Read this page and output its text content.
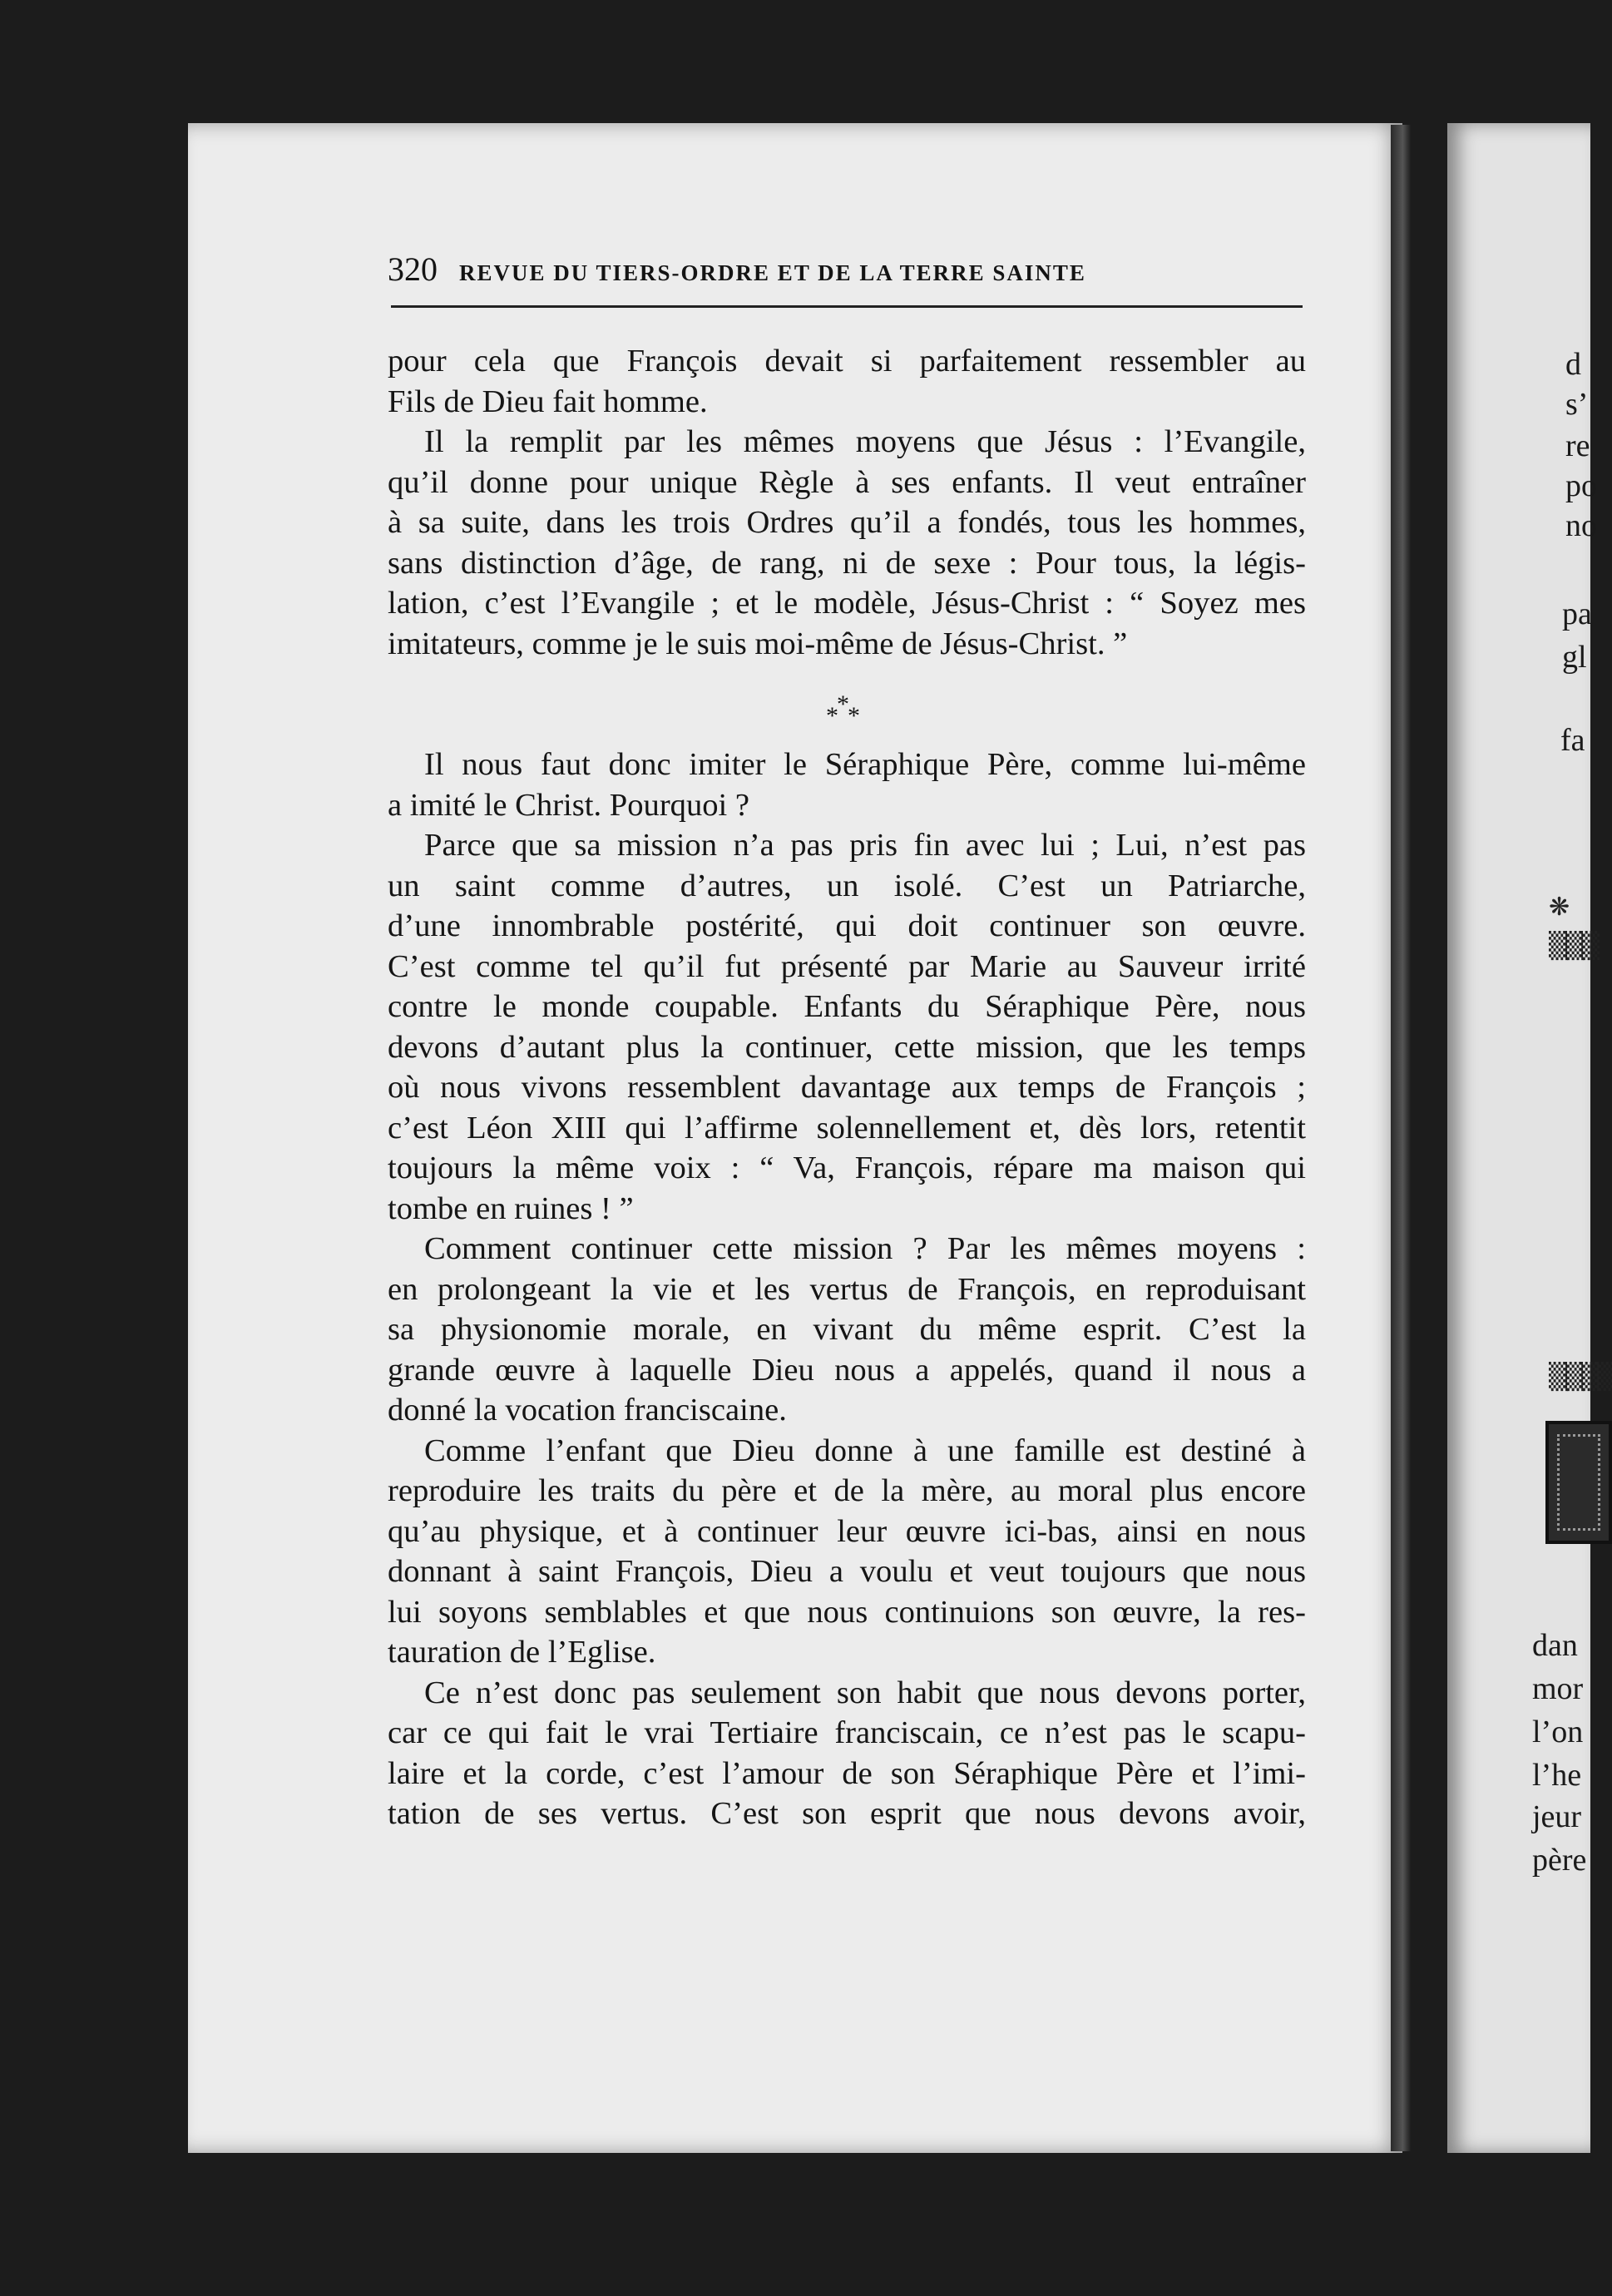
d
s’
re
po
no
pa
gl
fa
dan
mor
l’on
l’he
jeur
père
❋
▒▒▒
▒▒▒▒
320 REVUE DU TIERS-ORDRE ET DE LA TERRE SAINTE
pour cela que François devait si parfaitement ressembler au
Fils de Dieu fait homme.
Il la remplit par les mêmes moyens que Jésus : l’Evangile,
qu’il donne pour unique Règle à ses enfants. Il veut entraîner
à sa suite, dans les trois Ordres qu’il a fondés, tous les hommes,
sans distinction d’âge, de rang, ni de sexe : Pour tous, la légis-
lation, c’est l’Evangile ; et le modèle, Jésus-Christ : “ Soyez mes
imitateurs, comme je le suis moi-même de Jésus-Christ. ”
*
* *
Il nous faut donc imiter le Séraphique Père, comme lui-même
a imité le Christ. Pourquoi ?
Parce que sa mission n’a pas pris fin avec lui ; Lui, n’est pas
un saint comme d’autres, un isolé. C’est un Patriarche,
d’une innombrable postérité, qui doit continuer son œuvre.
C’est comme tel qu’il fut présenté par Marie au Sauveur irrité
contre le monde coupable. Enfants du Séraphique Père, nous
devons d’autant plus la continuer, cette mission, que les temps
où nous vivons ressemblent davantage aux temps de François ;
c’est Léon XIII qui l’affirme solennellement et, dès lors, retentit
toujours la même voix : “ Va, François, répare ma maison qui
tombe en ruines ! ”
Comment continuer cette mission ? Par les mêmes moyens :
en prolongeant la vie et les vertus de François, en reproduisant
sa physionomie morale, en vivant du même esprit. C’est la
grande œuvre à laquelle Dieu nous a appelés, quand il nous a
donné la vocation franciscaine.
Comme l’enfant que Dieu donne à une famille est destiné à
reproduire les traits du père et de la mère, au moral plus encore
qu’au physique, et à continuer leur œuvre ici-bas, ainsi en nous
donnant à saint François, Dieu a voulu et veut toujours que nous
lui soyons semblables et que nous continuions son œuvre, la res-
tauration de l’Eglise.
Ce n’est donc pas seulement son habit que nous devons porter,
car ce qui fait le vrai Tertiaire franciscain, ce n’est pas le scapu-
laire et la corde, c’est l’amour de son Séraphique Père et l’imi-
tation de ses vertus. C’est son esprit que nous devons avoir,
